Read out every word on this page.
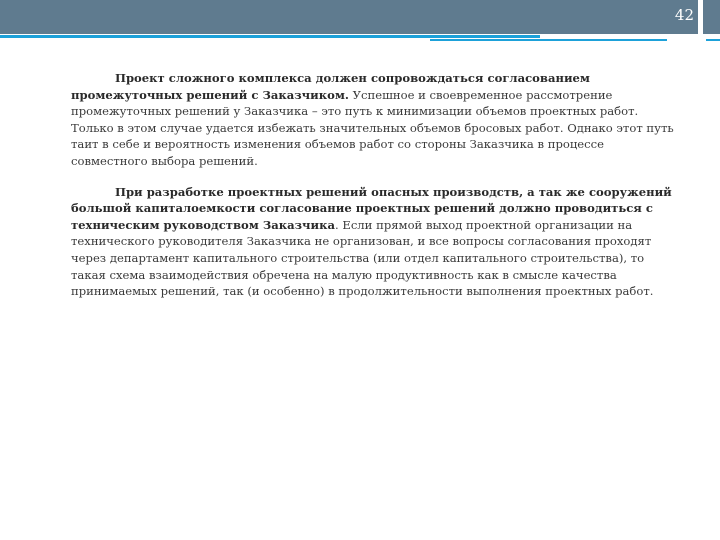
42

Проект сложного комплекса должен сопровождаться согласованием промежуточных решений с Заказчиком. Успешное и своевременное рассмотрение промежуточных решений у Заказчика – это путь к минимизации объемов проектных работ. Только в этом случае удается избежать значительных объемов бросовых работ. Однако этот путь таит в себе и вероятность изменения объемов работ со стороны Заказчика в процессе совместного выбора решений.

При разработке проектных решений опасных производств, а так же сооружений большой капиталоемкости согласование проектных решений должно проводиться с техническим руководством Заказчика. Если прямой выход проектной организации на технического руководителя Заказчика не организован, и все вопросы согласования проходят через департамент капитального строительства (или отдел капитального строительства), то такая схема взаимодействия обречена на малую продуктивность как в смысле качества принимаемых решений, так (и особенно) в продолжительности выполнения проектных работ.
